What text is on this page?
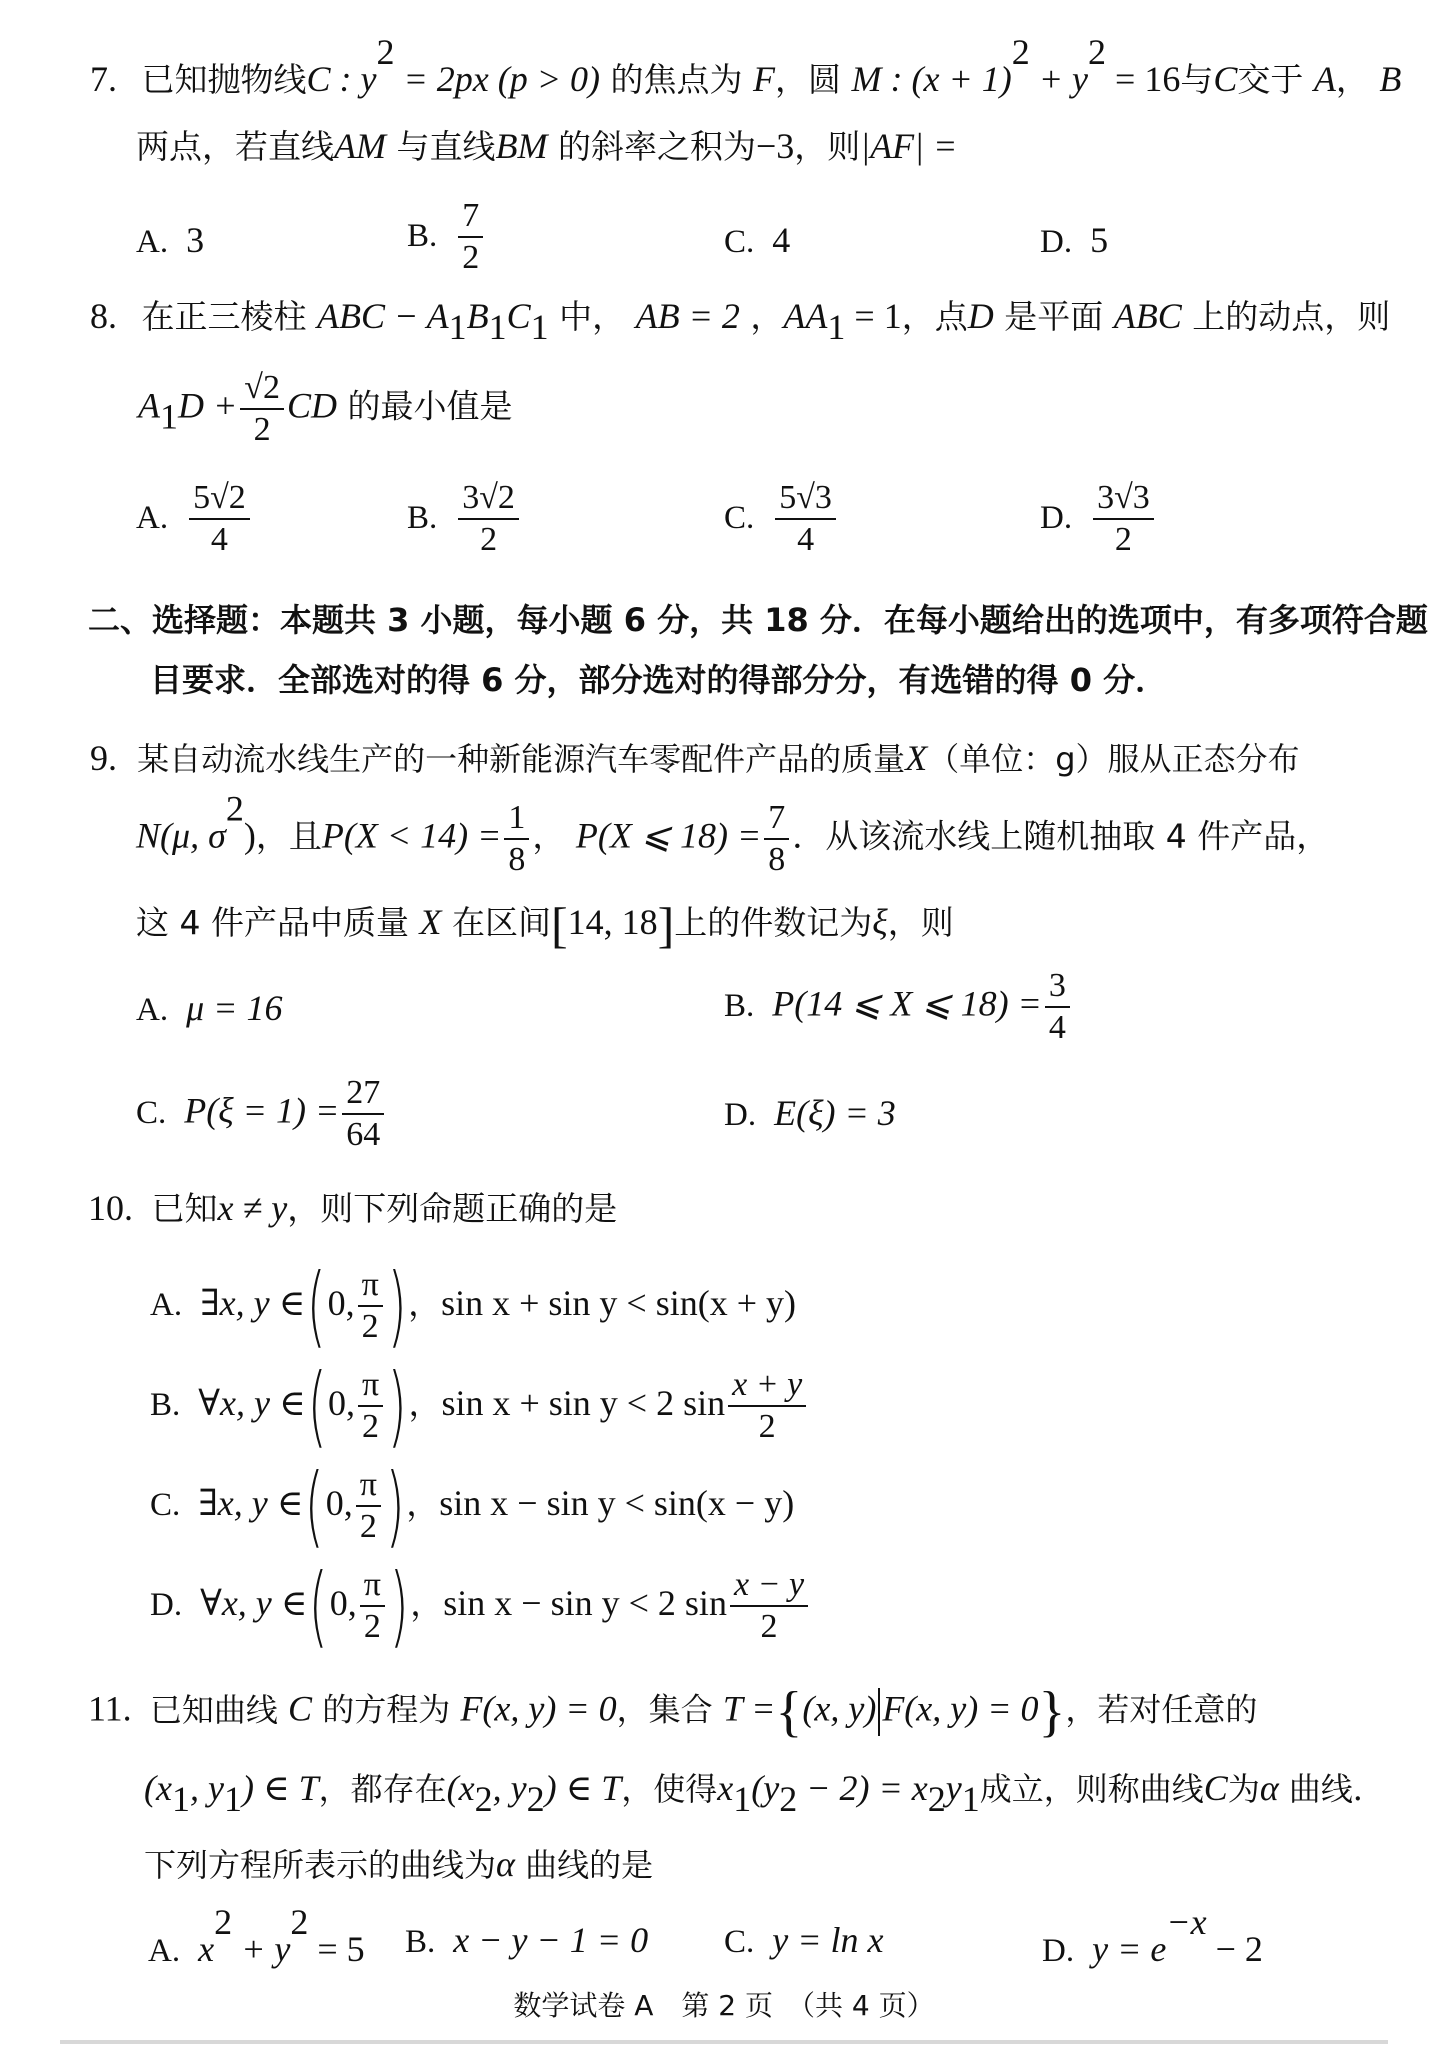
7. 已知抛物线C : $y^2 = 2px$ (p > 0) 的焦点为 F，圆 M : $(x + 1)^2 + y^2 = 16$与C交于 A， B
两点，若直线AM 与直线BM 的斜率之积为−3，则|AF| =
A. 3	B. $\frac{7}{2}$	C. 4	D. 5
8. 在正三棱柱 ABC − $A_1B_1C_1$ 中， AB = 2 ，$AA_1 = 1$，点D 是平面 ABC 上的动点，则
$A_1D + \frac{√2}{2}$ CD 的最小值是
A. $\frac{5√2}{4}$	B. $\frac{3√2}{2}$	C. $\frac{5√3}{4}$	D. $\frac{3√3}{2}$
二、选择题：本题共 3 小题，每小题 6 分，共 18 分．在每小题给出的选项中，有多项符合题
目要求．全部选对的得 6 分，部分选对的得部分分，有选错的得 0 分．
9. 某自动流水线生产的一种新能源汽车零配件产品的质量X（单位：g）服从正态分布
N(μ, $\sigma^2$)，且$P(X < 14) = \frac{1}{8}$ ， P(X ⩽ $18) = \frac{7}{8}$ ．从该流水线上随机抽取 4 件产品，
这 4 件产品中质量 X 在区间[14, 18]上的件数记为ξ，则
A. μ = 16	B. P(14 ⩽ X ⩽ $18) = \frac{3}{4}$
C. $P(\xi = 1) = \frac{27}{64}$	D. E(ξ) = 3
10. 已知x ≠ y，则下列命题正确的是
A. ∃x, y ∈(0, $\frac{\pi}{2}$ )，sin x + sin y < sin(x + y)
B. ∀x, y ∈(0, $\frac{\pi}{2}$ )，sin x + sin y < 2 $\sin \frac{x + y}{2}$
C. ∃x, y ∈(0, $\frac{\pi}{2}$ )，sin x − sin y < sin(x − y)
D. ∀x, y ∈(0, $\frac{\pi}{2}$ )，sin x − sin y < 2 $\sin \frac{x - y}{2}$
11. 已知曲线 C 的方程为 F(x, y) = 0，集合 T ={(x, y) F(x, y) = 0}，若对任意的
($x_1$, $y_1$) ∈ T，都存在($x_2$, $y_2$) ∈ T，使得$x_1(y_2 - 2) = x_2y_1$成立，则称曲线C为α 曲线．
下列方程所表示的曲线为α 曲线的是
A. $x^2 + y^2 = 5$ B. x − y − 1 = 0 C. y = ln x	D. $y = e^{-x} - 2$
数学试卷 A　第 2 页　（共 4 页）
